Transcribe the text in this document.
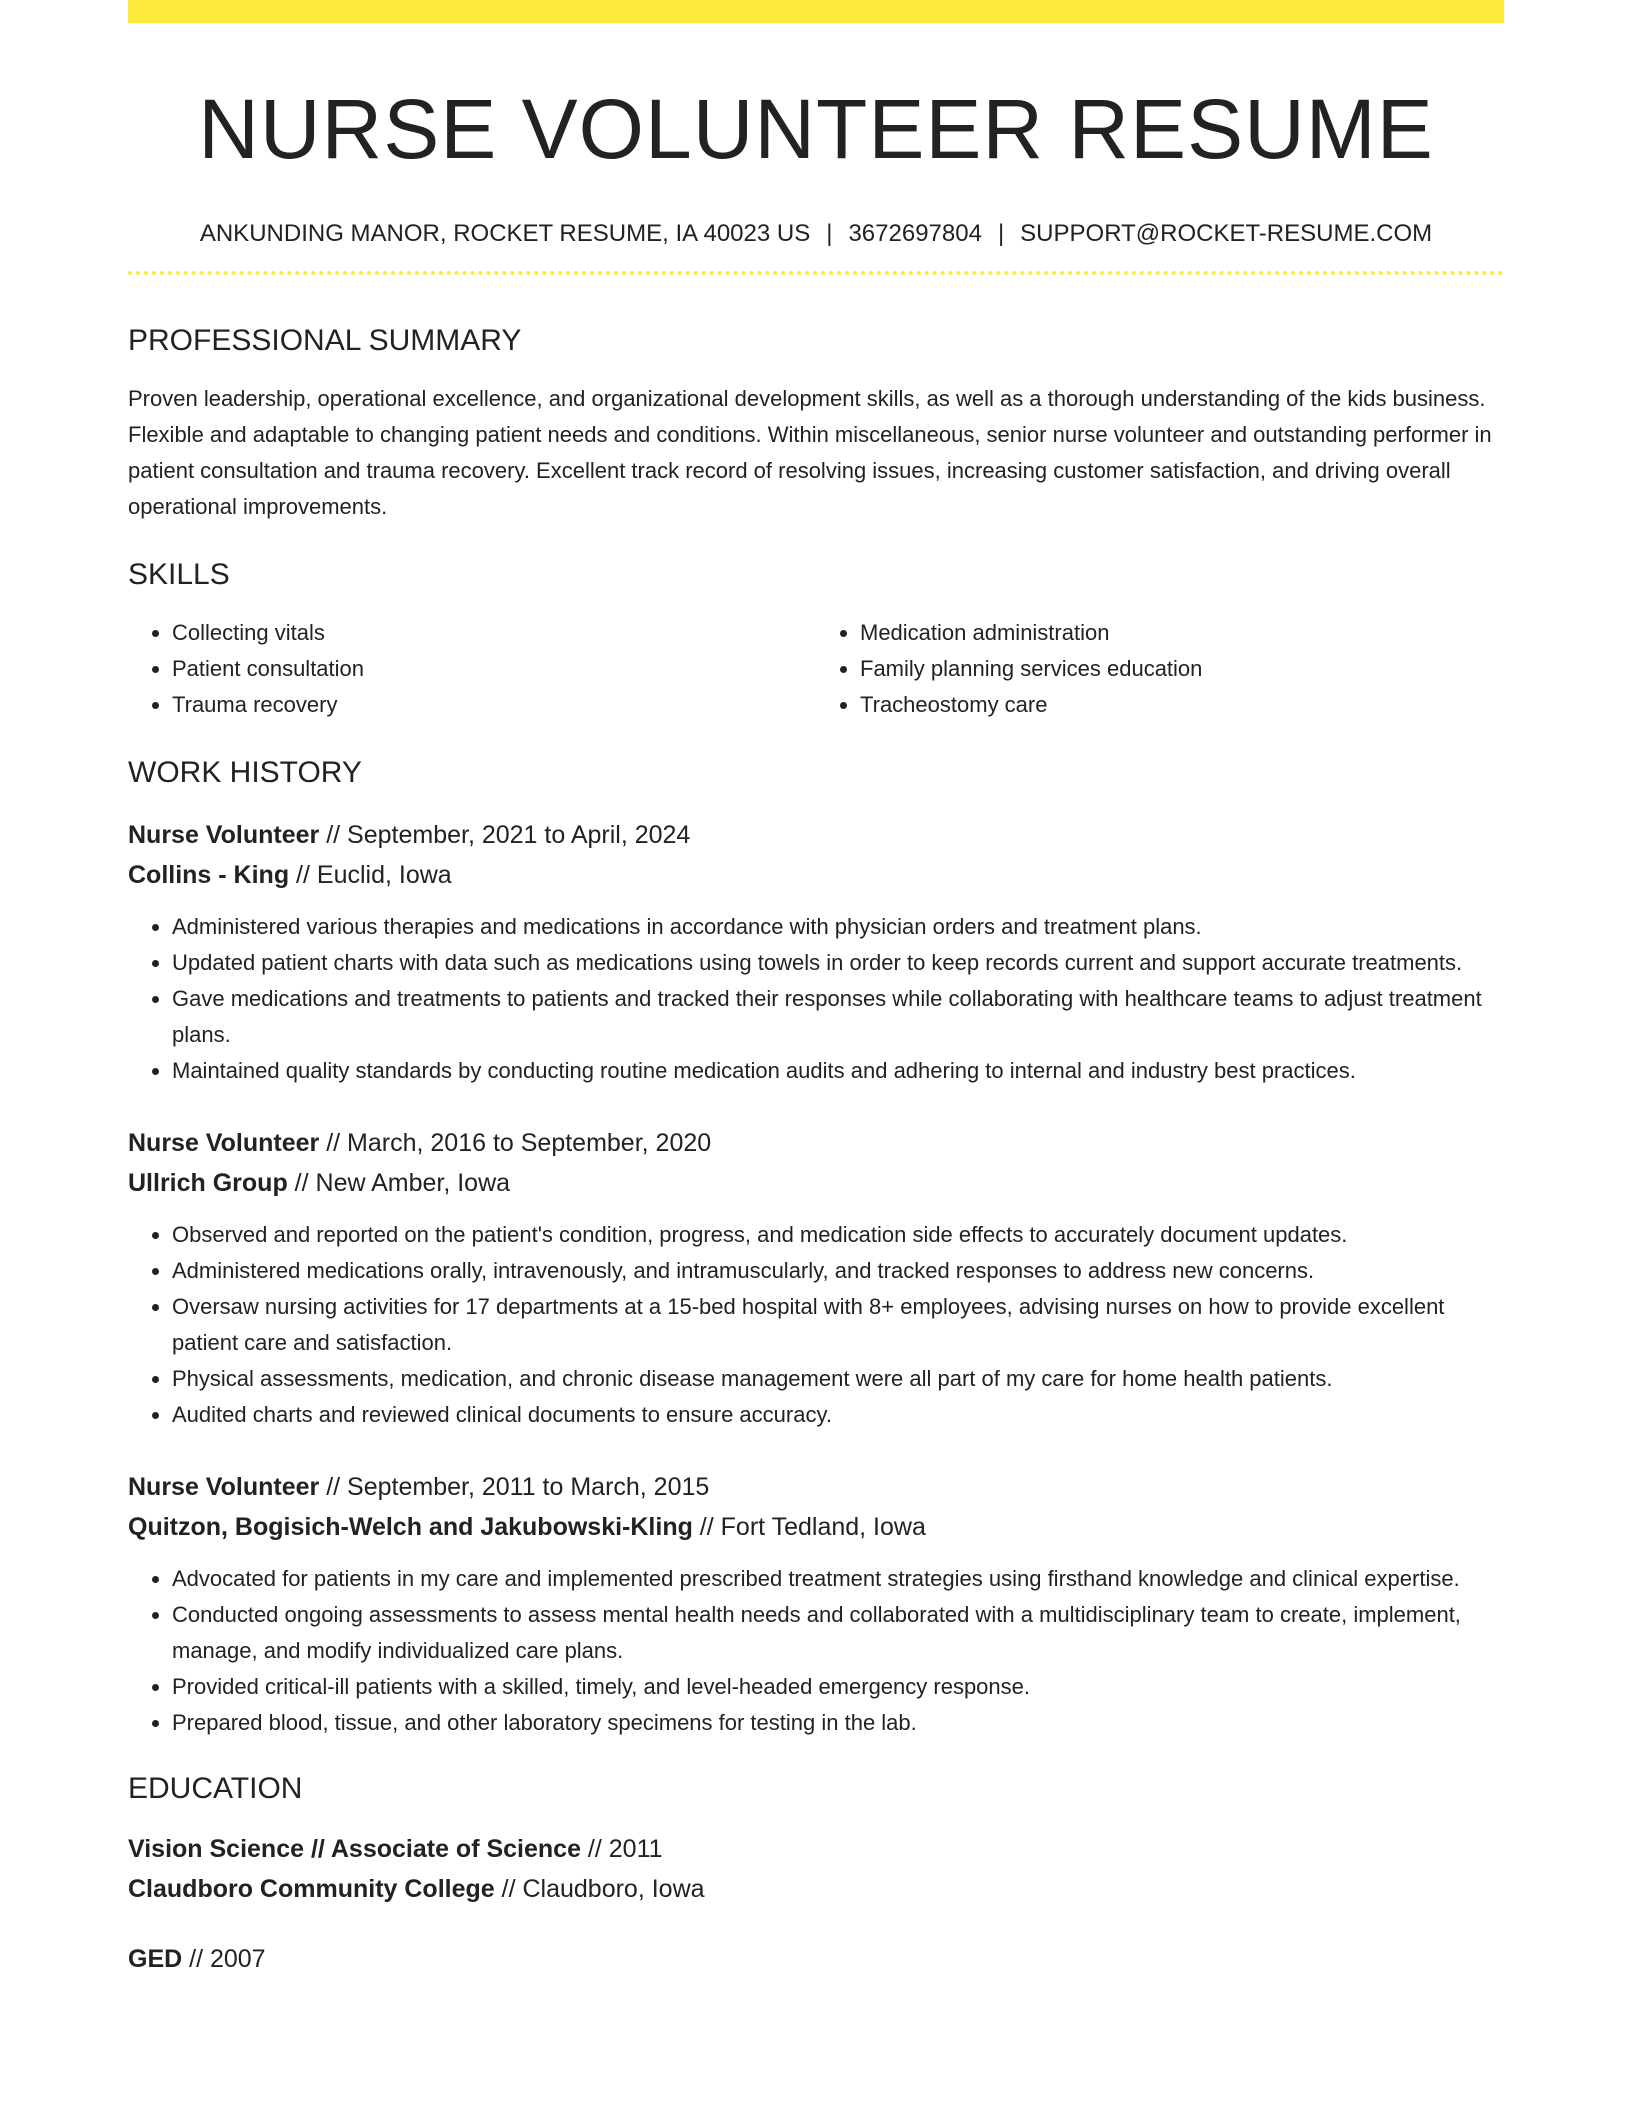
NURSE VOLUNTEER RESUME
ANKUNDING MANOR, ROCKET RESUME, IA 40023 US | 3672697804 | SUPPORT@ROCKET-RESUME.COM
PROFESSIONAL SUMMARY
Proven leadership, operational excellence, and organizational development skills, as well as a thorough understanding of the kids business. Flexible and adaptable to changing patient needs and conditions. Within miscellaneous, senior nurse volunteer and outstanding performer in patient consultation and trauma recovery. Excellent track record of resolving issues, increasing customer satisfaction, and driving overall operational improvements.
SKILLS
• Collecting vitals
• Patient consultation
• Trauma recovery
• Medication administration
• Family planning services education
• Tracheostomy care
WORK HISTORY
Nurse Volunteer // September, 2021 to April, 2024
Collins - King // Euclid, Iowa
• Administered various therapies and medications in accordance with physician orders and treatment plans.
• Updated patient charts with data such as medications using towels in order to keep records current and support accurate treatments.
• Gave medications and treatments to patients and tracked their responses while collaborating with healthcare teams to adjust treatment plans.
• Maintained quality standards by conducting routine medication audits and adhering to internal and industry best practices.
Nurse Volunteer // March, 2016 to September, 2020
Ullrich Group // New Amber, Iowa
• Observed and reported on the patient's condition, progress, and medication side effects to accurately document updates.
• Administered medications orally, intravenously, and intramuscularly, and tracked responses to address new concerns.
• Oversaw nursing activities for 17 departments at a 15-bed hospital with 8+ employees, advising nurses on how to provide excellent patient care and satisfaction.
• Physical assessments, medication, and chronic disease management were all part of my care for home health patients.
• Audited charts and reviewed clinical documents to ensure accuracy.
Nurse Volunteer // September, 2011 to March, 2015
Quitzon, Bogisich-Welch and Jakubowski-Kling // Fort Tedland, Iowa
• Advocated for patients in my care and implemented prescribed treatment strategies using firsthand knowledge and clinical expertise.
• Conducted ongoing assessments to assess mental health needs and collaborated with a multidisciplinary team to create, implement, manage, and modify individualized care plans.
• Provided critical-ill patients with a skilled, timely, and level-headed emergency response.
• Prepared blood, tissue, and other laboratory specimens for testing in the lab.
EDUCATION
Vision Science // Associate of Science // 2011
Claudboro Community College // Claudboro, Iowa
GED // 2007
